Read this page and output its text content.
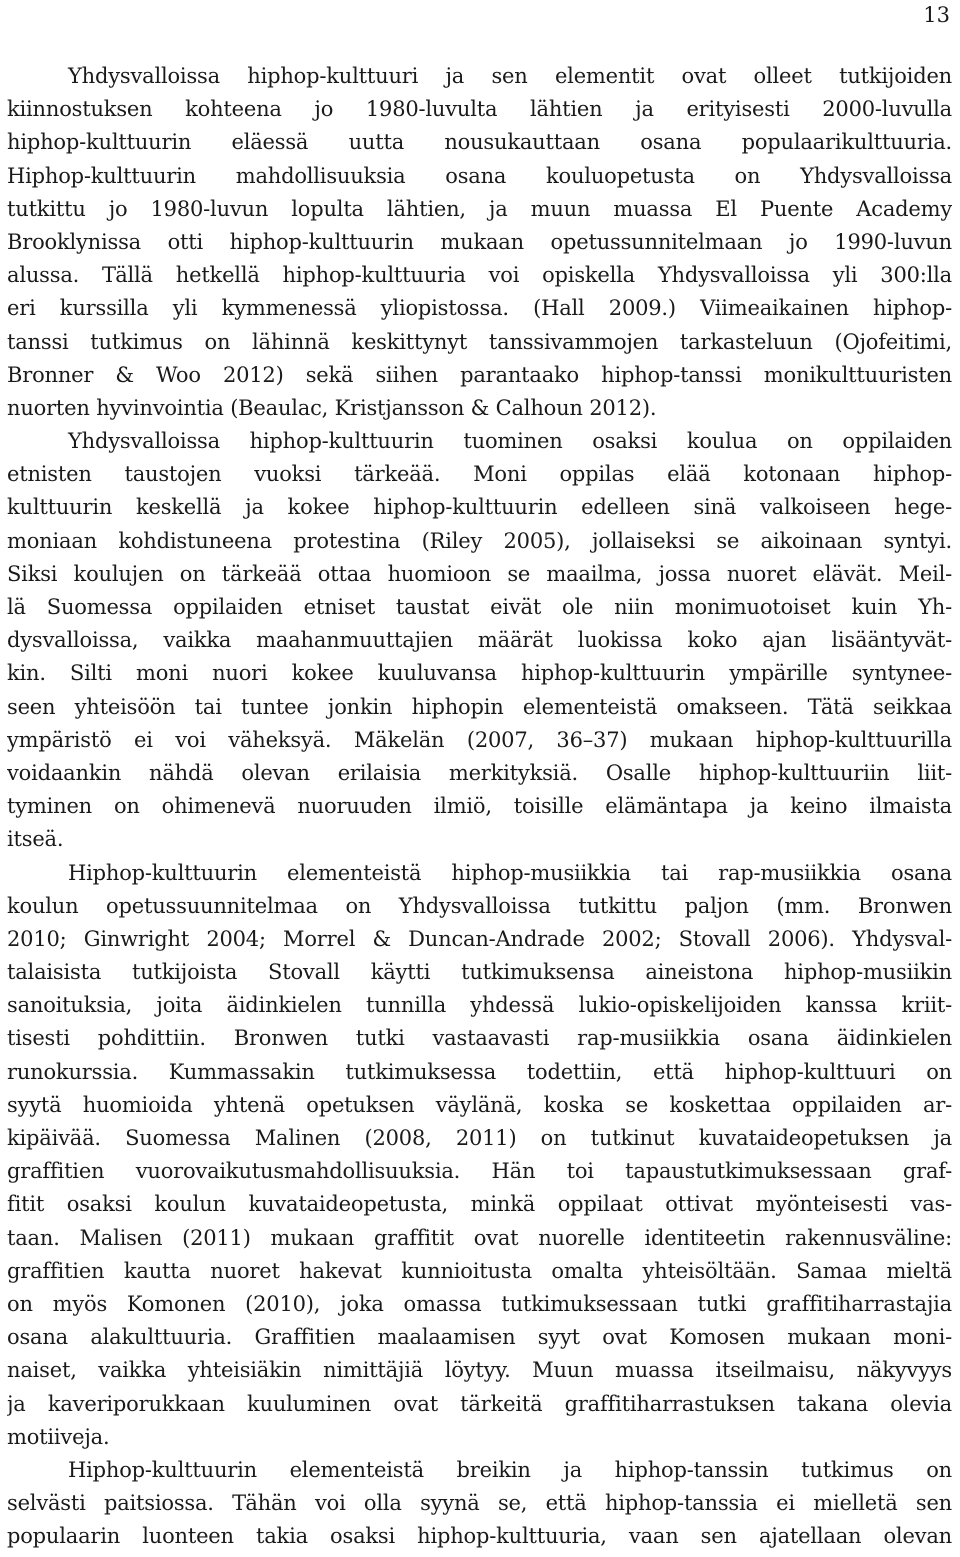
13

Yhdysvalloissa hiphop-kulttuuri ja sen elementit ovat olleet tutkijoiden
kiinnostuksen kohteena jo 1980-luvulta lähtien ja erityisesti 2000-luvulla
hiphop-kulttuurin eläessä uutta nousukauttaan osana populaarikulttuuria.
Hiphop-kulttuurin mahdollisuuksia osana kouluopetusta on Yhdysvalloissa
tutkittu jo 1980-luvun lopulta lähtien, ja muun muassa El Puente Academy
Brooklynissa otti hiphop-kulttuurin mukaan opetussunnitelmaan jo 1990-luvun
alussa. Tällä hetkellä hiphop-kulttuuria voi opiskella Yhdysvalloissa yli 300:lla
eri kurssilla yli kymmenessä yliopistossa. (Hall 2009.) Viimeaikainen hiphop-
tanssi tutkimus on lähinnä keskittynyt tanssivammojen tarkasteluun (Ojofeitimi,
Bronner & Woo 2012) sekä siihen parantaako hiphop-tanssi monikulttuuristen
nuorten hyvinvointia (Beaulac, Kristjansson & Calhoun 2012).

Yhdysvalloissa hiphop-kulttuurin tuominen osaksi koulua on oppilaiden
etnisten taustojen vuoksi tärkeää. Moni oppilas elää kotonaan hiphop-
kulttuurin keskellä ja kokee hiphop-kulttuurin edelleen sinä valkoiseen hege-
moniaan kohdistuneena protestina (Riley 2005), jollaiseksi se aikoinaan syntyi.
Siksi koulujen on tärkeää ottaa huomioon se maailma, jossa nuoret elävät. Meil-
lä Suomessa oppilaiden etniset taustat eivät ole niin monimuotoiset kuin Yh-
dysvalloissa, vaikka maahanmuuttajien määrät luokissa koko ajan lisääntyvät-
kin. Silti moni nuori kokee kuuluvansa hiphop-kulttuurin ympärille syntynee-
seen yhteisöön tai tuntee jonkin hiphopin elementeistä omakseen. Tätä seikkaa
ympäristö ei voi väheksyä. Mäkelän (2007, 36–37) mukaan hiphop-kulttuurilla
voidaankin nähdä olevan erilaisia merkityksiä. Osalle hiphop-kulttuuriin liit-
tyminen on ohimenevä nuoruuden ilmiö, toisille elämäntapa ja keino ilmaista
itseä.

Hiphop-kulttuurin elementeistä hiphop-musiikkia tai rap-musiikkia osana
koulun opetussuunnitelmaa on Yhdysvalloissa tutkittu paljon (mm. Bronwen
2010; Ginwright 2004; Morrel & Duncan-Andrade 2002; Stovall 2006). Yhdysval-
talaisista tutkijoista Stovall käytti tutkimuksensa aineistona hiphop-musiikin
sanoituksia, joita äidinkielen tunnilla yhdessä lukio-opiskelijoiden kanssa kriit-
tisesti pohdittiin. Bronwen tutki vastaavasti rap-musiikkia osana äidinkielen
runokurssia. Kummassakin tutkimuksessa todettiin, että hiphop-kulttuuri on
syytä huomioida yhtenä opetuksen väylänä, koska se koskettaa oppilaiden ar-
kipäivää. Suomessa Malinen (2008, 2011) on tutkinut kuvataideopetuksen ja
graffitien vuorovaikutusmahdollisuuksia. Hän toi tapaustutkimuksessaan graf-
fitit osaksi koulun kuvataideopetusta, minkä oppilaat ottivat myönteisesti vas-
taan. Malisen (2011) mukaan graffitit ovat nuorelle identiteetin rakennusväline:
graffitien kautta nuoret hakevat kunnioitusta omalta yhteisöltään. Samaa mieltä
on myös Komonen (2010), joka omassa tutkimuksessaan tutki graffitiharrastajia
osana alakulttuuria. Graffitien maalaamisen syyt ovat Komosen mukaan moni-
naiset, vaikka yhteisiäkin nimittäjiä löytyy. Muun muassa itseilmaisu, näkyvyys
ja kaveriporukkaan kuuluminen ovat tärkeitä graffitiharrastuksen takana olevia
motiiveja.

Hiphop-kulttuurin elementeistä breikin ja hiphop-tanssin tutkimus on
selvästi paitsiossa. Tähän voi olla syynä se, että hiphop-tanssia ei mielletä sen
populaarin luonteen takia osaksi hiphop-kulttuuria, vaan sen ajatellaan olevan
